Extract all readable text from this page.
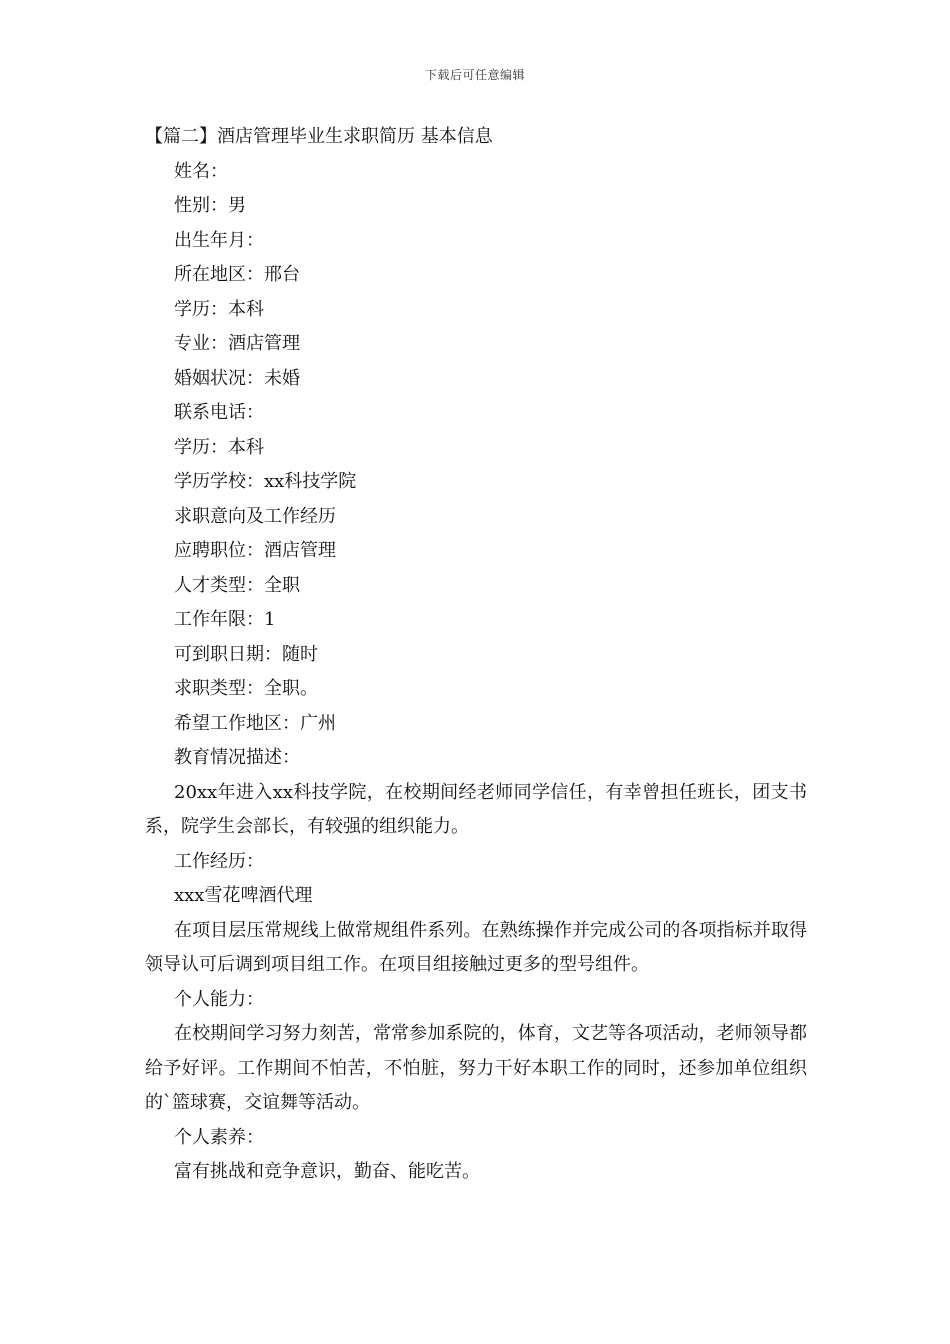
下载后可任意编辑

【篇二】酒店管理毕业生求职简历 基本信息

姓名：

性别：男

出生年月：

所在地区：邢台

学历：本科

专业：酒店管理

婚姻状况：未婚

联系电话：

学历：本科

学历学校：xx科技学院

求职意向及工作经历

应聘职位：酒店管理

人才类型：全职

工作年限：1

可到职日期：随时

求职类型：全职。

希望工作地区：广州

教育情况描述：

20xx年进入xx科技学院，在校期间经老师同学信任，有幸曾担任班长，团支书系，院学生会部长，有较强的组织能力。

工作经历：

xxx雪花啤酒代理

在项目层压常规线上做常规组件系列。在熟练操作并完成公司的各项指标并取得领导认可后调到项目组工作。在项目组接触过更多的型号组件。

个人能力：

在校期间学习努力刻苦，常常参加系院的，体育，文艺等各项活动，老师领导都给予好评。工作期间不怕苦，不怕脏，努力干好本职工作的同时，还参加单位组织的`篮球赛，交谊舞等活动。

个人素养：

富有挑战和竞争意识，勤奋、能吃苦。
